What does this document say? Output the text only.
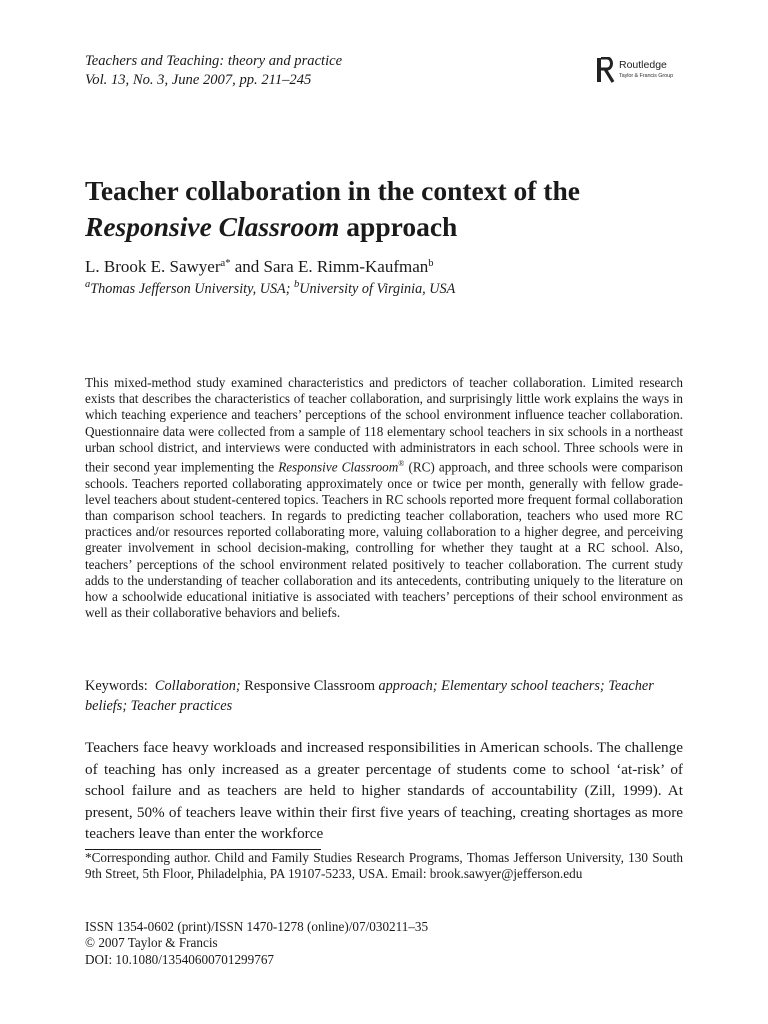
Teachers and Teaching: theory and practice
Vol. 13, No. 3, June 2007, pp. 211–245
Routledge
Taylor & Francis Group
Teacher collaboration in the context of the Responsive Classroom approach
L. Brook E. Sawyer$^{a*}$ and Sara E. Rimm-Kaufman$^b$
$^a$Thomas Jefferson University, USA; $^b$University of Virginia, USA

This mixed-method study examined characteristics and predictors of teacher collaboration. Limited research exists that describes the characteristics of teacher collaboration, and surprisingly little work explains the ways in which teaching experience and teachers’ perceptions of the school environment influence teacher collaboration. Questionnaire data were collected from a sample of 118 elementary school teachers in six schools in a northeast urban school district, and interviews were conducted with administrators in each school. Three schools were in their second year implementing the Responsive Classroom® (RC) approach, and three schools were comparison schools. Teachers reported collaborating approximately once or twice per month, generally with fellow grade-level teachers about student-centered topics. Teachers in RC schools reported more frequent formal collaboration than comparison school teachers. In regards to predicting teacher collaboration, teachers who used more RC practices and/or resources reported collaborating more, valuing collaboration to a higher degree, and perceiving greater involvement in school decision-making, controlling for whether they taught at a RC school. Also, teachers’ perceptions of the school environment related positively to teacher collaboration. The current study adds to the understanding of teacher collaboration and its antecedents, contributing uniquely to the literature on how a schoolwide educational initiative is associated with teachers’ perceptions of their school environment as well as their collaborative behaviors and beliefs.

Keywords: Collaboration; Responsive Classroom approach; Elementary school teachers; Teacher beliefs; Teacher practices

Teachers face heavy workloads and increased responsibilities in American schools. The challenge of teaching has only increased as a greater percentage of students come to school ‘at-risk’ of school failure and as teachers are held to higher standards of accountability (Zill, 1999). At present, 50% of teachers leave within their first five years of teaching, creating shortages as more teachers leave than enter the workforce

*Corresponding author. Child and Family Studies Research Programs, Thomas Jefferson University, 130 South 9th Street, 5th Floor, Philadelphia, PA 19107-5233, USA. Email: brook.sawyer@jefferson.edu

ISSN 1354-0602 (print)/ISSN 1470-1278 (online)/07/030211–35
© 2007 Taylor & Francis
DOI: 10.1080/13540600701299767
